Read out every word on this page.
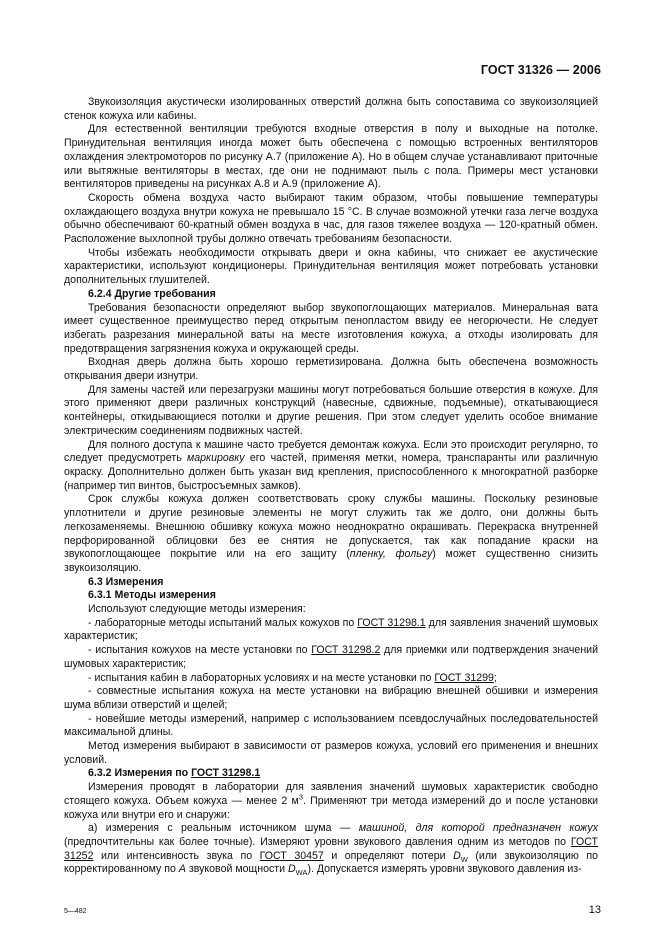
ГОСТ 31326 — 2006

Звукоизоляция акустически изолированных отверстий должна быть сопоставима со звукоизоляцией стенок кожуха или кабины.

Для естественной вентиляции требуются входные отверстия в полу и выходные на потолке. Принудительная вентиляция иногда может быть обеспечена с помощью встроенных вентиляторов охлаждения электромоторов по рисунку А.7 (приложение А). Но в общем случае устанавливают приточные или вытяжные вентиляторы в местах, где они не поднимают пыль с пола. Примеры мест установки вентиляторов приведены на рисунках А.8 и А.9 (приложение А).

Скорость обмена воздуха часто выбирают таким образом, чтобы повышение температуры охлаждающего воздуха внутри кожуха не превышало 15 °С. В случае возможной утечки газа легче воздуха обычно обеспечивают 60-кратный обмен воздуха в час, для газов тяжелее воздуха — 120-кратный обмен. Расположение выхлопной трубы должно отвечать требованиям безопасности.

Чтобы избежать необходимости открывать двери и окна кабины, что снижает ее акустические характеристики, используют кондиционеры. Принудительная вентиляция может потребовать установки дополнительных глушителей.

6.2.4 Другие требования

Требования безопасности определяют выбор звукопоглощающих материалов. Минеральная вата имеет существенное преимущество перед открытым пенопластом ввиду ее негорючести. Не следует избегать разрезания минеральной ваты на месте изготовления кожуха, а отходы изолировать для предотвращения загрязнения кожуха и окружающей среды.

Входная дверь должна быть хорошо герметизирована. Должна быть обеспечена возможность открывания двери изнутри.

Для замены частей или перезагрузки машины могут потребоваться большие отверстия в кожухе. Для этого применяют двери различных конструкций (навесные, сдвижные, подъемные), откатывающиеся контейнеры, откидывающиеся потолки и другие решения. При этом следует уделить особое внимание электрическим соединениям подвижных частей.

Для полного доступа к машине часто требуется демонтаж кожуха. Если это происходит регулярно, то следует предусмотреть маркировку его частей, применяя метки, номера, транспаранты или различную окраску. Дополнительно должен быть указан вид крепления, приспособленного к многократной разборке (например тип винтов, быстросъемных замков).

Срок службы кожуха должен соответствовать сроку службы машины. Поскольку резиновые уплотнители и другие резиновые элементы не могут служить так же долго, они должны быть легкозаменяемы. Внешнюю обшивку кожуха можно неоднократно окрашивать. Перекраска внутренней перфорированной облицовки без ее снятия не допускается, так как попадание краски на звукопоглощающее покрытие или на его защиту (пленку, фольгу) может существенно снизить звукоизоляцию.

6.3 Измерения

6.3.1 Методы измерения

Используют следующие методы измерения:

- лабораторные методы испытаний малых кожухов по ГОСТ 31298.1 для заявления значений шумовых характеристик;

- испытания кожухов на месте установки по ГОСТ 31298.2 для приемки или подтверждения значений шумовых характеристик;

- испытания кабин в лабораторных условиях и на месте установки по ГОСТ 31299;

- совместные испытания кожуха на месте установки на вибрацию внешней обшивки и измерения шума вблизи отверстий и щелей;

- новейшие методы измерений, например с использованием псевдослучайных последовательностей максимальной длины.

Метод измерения выбирают в зависимости от размеров кожуха, условий его применения и внешних условий.

6.3.2 Измерения по ГОСТ 31298.1

Измерения проводят в лаборатории для заявления значений шумовых характеристик свободно стоящего кожуха. Объем кожуха — менее 2 $м^3$. Применяют три метода измерений до и после установки кожуха или внутри его и снаружи:

а) измерения с реальным источником шума — машиной, для которой предназначен кожух (предпочтительны как более точные). Измеряют уровни звукового давления одним из методов по ГОСТ 31252 или интенсивность звука по ГОСТ 30457 и определяют потери $D_W$ (или звукоизоляцию по корректированному по А звуковой мощности $D_{WA}$). Допускается измерять уровни звукового давления из-

5—482	13
